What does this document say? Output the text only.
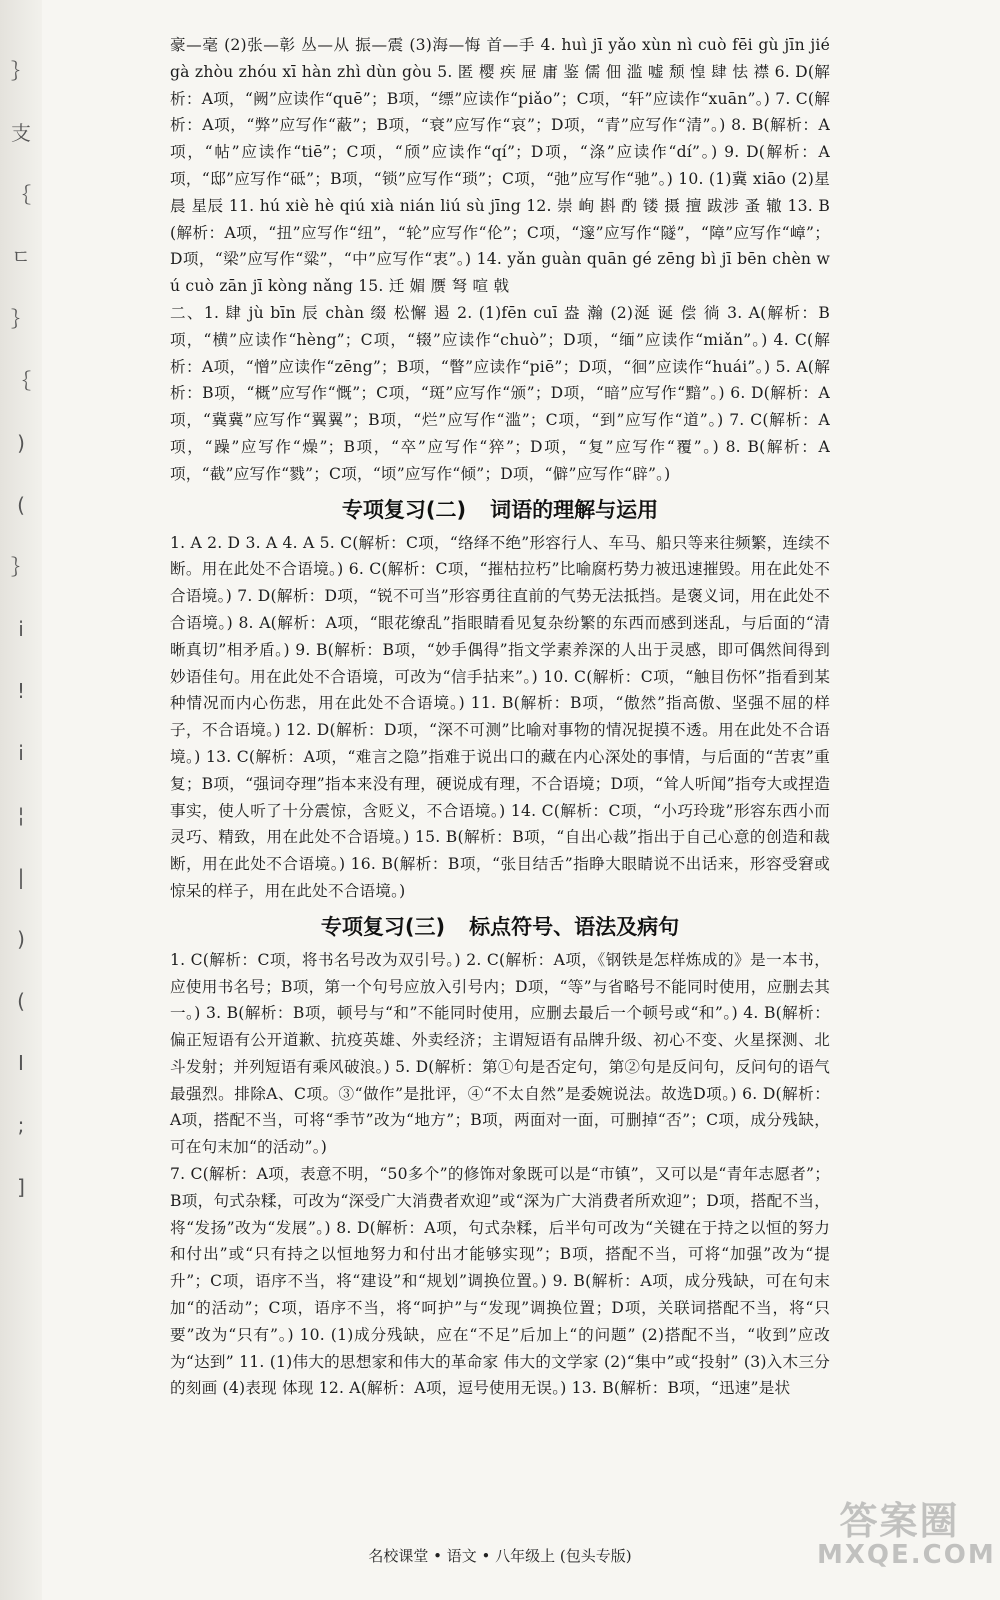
｝
支
｛
ㄷ
｝
｛
)
(
｝
i
!
i
¦
|
)
(
I
;
]

豪—毫 (2)张—彰 丛—从 振—震 (3)海—悔 首—手 4. huì jī yǎo xùn nì cuò fēi gù jīn jié gà zhòu zhóu xī hàn zhì dùn gòu 5. 匿 樱 疾 屉 庸 鉴 儒 佃 滥 嘘 颓 惶 肆 怯 襟 6. D(解析：A项，“阙”应读作“quē”；B项，“缥”应读作“piǎo”；C项，“轩”应读作“xuān”。) 7. C(解析：A项，“弊”应写作“蔽”；B项，“衰”应写作“哀”；D项，“青”应写作“清”。) 8. B(解析：A项，“帖”应读作“tiē”；C项，“颀”应读作“qí”；D项，“涤”应读作“dí”。) 9. D(解析：A项，“邸”应写作“砥”；B项，“锁”应写作“琐”；C项，“弛”应写作“驰”。) 10. (1)冀 xiāo (2)星晨 星辰 11. hú xiè hè qiú xià nián liú sù jīng 12. 崇 峋 斟 酌 镂 摄 擅 跋涉 蚤 辙 13. B(解析：A项，“扭”应写作“纽”，“轮”应写作“伦”；C项，“邃”应写作“隧”，“障”应写作“嶂”；D项，“梁”应写作“粱”，“中”应写作“衷”。) 14. yǎn guàn quān gé zēng bì jī bēn chèn wú cuò zān jī kòng nǎng 15. 迁 媚 赝 弩 喧 戟

二、1. 肆 jù bīn 辰 chàn 缀 松懈 遏 2. (1)fēn cuī 盎 瀚 (2)涎 诞 偿 徜 3. A(解析：B项，“横”应读作“hèng”；C项，“辍”应读作“chuò”；D项，“缅”应读作“miǎn”。) 4. C(解析：A项，“憎”应读作“zēng”；B项，“瞥”应读作“piē”；D项，“徊”应读作“huái”。) 5. A(解析：B项，“概”应写作“慨”；C项，“斑”应写作“颁”；D项，“暗”应写作“黯”。) 6. D(解析：A项，“冀冀”应写作“翼翼”；B项，“烂”应写作“滥”；C项，“到”应写作“道”。) 7. C(解析：A项，“躁”应写作“燥”；B项，“卒”应写作“猝”；D项，“复”应写作“覆”。) 8. B(解析：A项，“截”应写作“戮”；C项，“顷”应写作“倾”；D项，“僻”应写作“辟”。)

专项复习(二) 词语的理解与运用

1. A 2. D 3. A 4. A 5. C(解析：C项，“络绎不绝”形容行人、车马、船只等来往频繁，连续不断。用在此处不合语境。) 6. C(解析：C项，“摧枯拉朽”比喻腐朽势力被迅速摧毁。用在此处不合语境。) 7. D(解析：D项，“锐不可当”形容勇往直前的气势无法抵挡。是褒义词，用在此处不合语境。) 8. A(解析：A项，“眼花缭乱”指眼睛看见复杂纷繁的东西而感到迷乱，与后面的“清晰真切”相矛盾。) 9. B(解析：B项，“妙手偶得”指文学素养深的人出于灵感，即可偶然间得到妙语佳句。用在此处不合语境，可改为“信手拈来”。) 10. C(解析：C项，“触目伤怀”指看到某种情况而内心伤悲，用在此处不合语境。) 11. B(解析：B项，“傲然”指高傲、坚强不屈的样子，不合语境。) 12. D(解析：D项，“深不可测”比喻对事物的情况捉摸不透。用在此处不合语境。) 13. C(解析：A项，“难言之隐”指难于说出口的藏在内心深处的事情，与后面的“苦衷”重复；B项，“强词夺理”指本来没有理，硬说成有理，不合语境；D项，“耸人听闻”指夸大或捏造事实，使人听了十分震惊，含贬义，不合语境。) 14. C(解析：C项，“小巧玲珑”形容东西小而灵巧、精致，用在此处不合语境。) 15. B(解析：B项，“自出心裁”指出于自己心意的创造和裁断，用在此处不合语境。) 16. B(解析：B项，“张目结舌”指睁大眼睛说不出话来，形容受窘或惊呆的样子，用在此处不合语境。)

专项复习(三) 标点符号、语法及病句

1. C(解析：C项，将书名号改为双引号。) 2. C(解析：A项，《钢铁是怎样炼成的》是一本书，应使用书名号；B项，第一个句号应放入引号内；D项，“等”与省略号不能同时使用，应删去其一。) 3. B(解析：B项，顿号与“和”不能同时使用，应删去最后一个顿号或“和”。) 4. B(解析：偏正短语有公开道歉、抗疫英雄、外卖经济；主谓短语有品牌升级、初心不变、火星探测、北斗发射；并列短语有乘风破浪。) 5. D(解析：第①句是否定句，第②句是反问句，反问句的语气最强烈。排除A、C项。③“做作”是批评，④“不太自然”是委婉说法。故选D项。) 6. D(解析：A项，搭配不当，可将“季节”改为“地方”；B项，两面对一面，可删掉“否”；C项，成分残缺，可在句末加“的活动”。)

7. C(解析：A项，表意不明，“50多个”的修饰对象既可以是“市镇”，又可以是“青年志愿者”；B项，句式杂糅，可改为“深受广大消费者欢迎”或“深为广大消费者所欢迎”；D项，搭配不当，将“发扬”改为“发展”。) 8. D(解析：A项，句式杂糅，后半句可改为“关键在于持之以恒的努力和付出”或“只有持之以恒地努力和付出才能够实现”；B项，搭配不当，可将“加强”改为“提升”；C项，语序不当，将“建设”和“规划”调换位置。) 9. B(解析：A项，成分残缺，可在句末加“的活动”；C项，语序不当，将“呵护”与“发现”调换位置；D项，关联词搭配不当，将“只要”改为“只有”。) 10. (1)成分残缺，应在“不足”后加上“的问题” (2)搭配不当，“收到”应改为“达到” 11. (1)伟大的思想家和伟大的革命家 伟大的文学家 (2)“集中”或“投射” (3)入木三分 的刻画 (4)表现 体现 12. A(解析：A项，逗号使用无误。) 13. B(解析：B项，“迅速”是状

名校课堂 • 语文 • 八年级上 (包头专版)
答案圈
MXQE.COM
